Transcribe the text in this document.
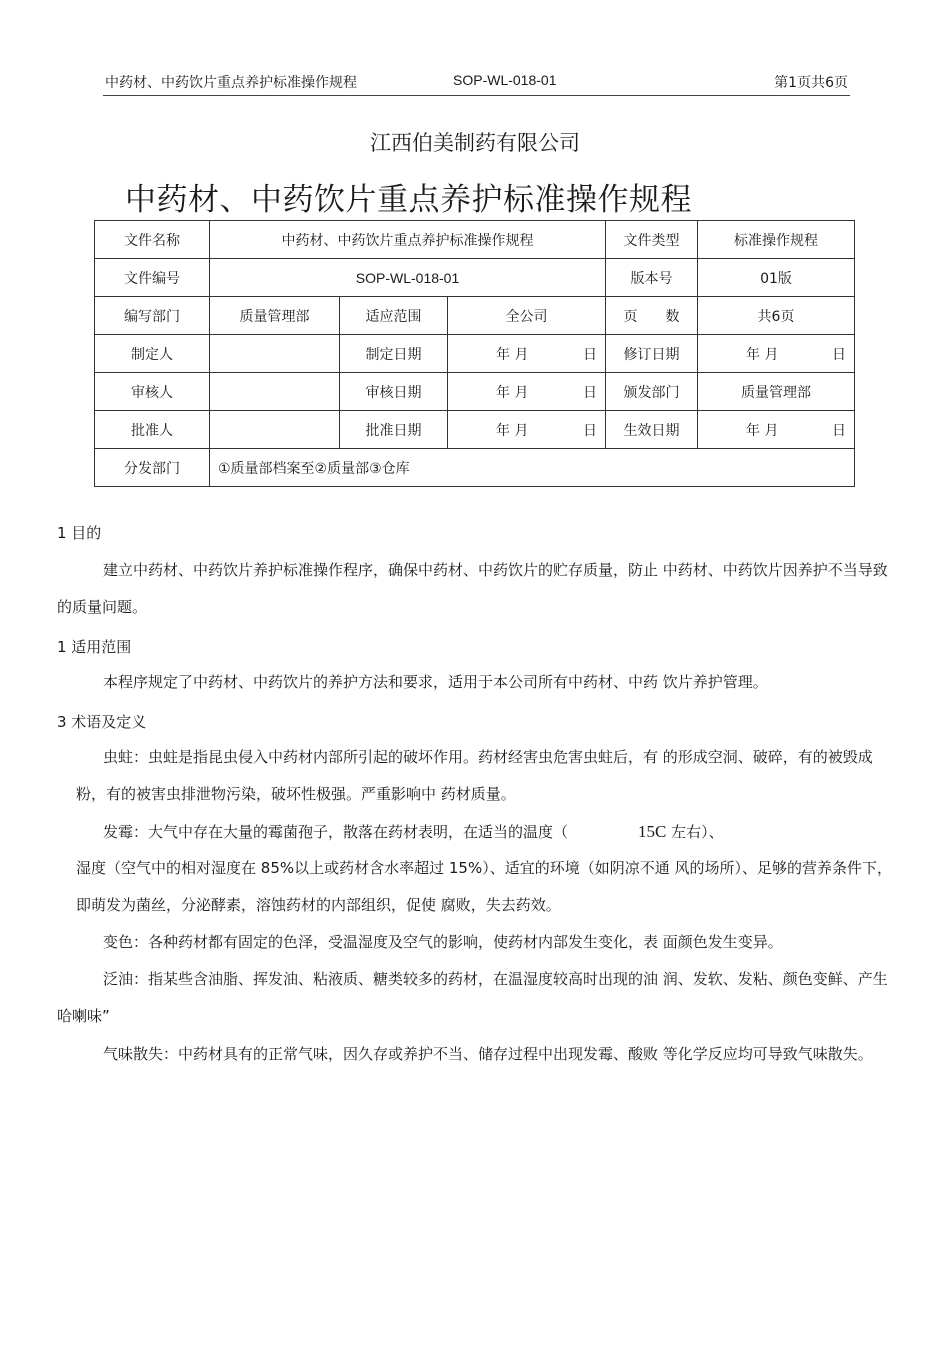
中药材、中药饮片重点养护标准操作规程	SOP-WL-018-01	第1页共6页
江西伯美制药有限公司
中药材、中药饮片重点养护标准操作规程
文件名称	中药材、中药饮片重点养护标准操作规程			文件类型	标准操作规程
文件编号	SOP-WL-018-01			版本号	01版
编写部门	质量管理部	适应范围	全公司	页　　数	共6页
制定人		制定日期	年 月 日	修订日期	年 月 日

审核人		审核日期	年 月 日	颁发部门	质量管理部
批准人		批准日期	年 月 日	生效日期	年 月 日

分发部门	①质量部档案至②质量部③仓库				
1 目的
建立中药材、中药饮片养护标准操作程序，确保中药材、中药饮片的贮存质量，防止 中药材、中药饮片因养护不当导致的质量问题。
1 适用范围
本程序规定了中药材、中药饮片的养护方法和要求，适用于本公司所有中药材、中药 饮片养护管理。
3 术语及定义
虫蛀：虫蛀是指昆虫侵入中药材内部所引起的破坏作用。药材经害虫危害虫蛀后，有 的形成空洞、破碎，有的被毁成粉，有的被害虫排泄物污染，破坏性极强。严重影响中 药材质量。
发霉：大气中存在大量的霉菌孢子，散落在药材表明，在适当的温度（	15C 左右）、
湿度（空气中的相对湿度在 85%以上或药材含水率超过 15%）、适宜的环境（如阴凉不通 风的场所）、足够的营养条件下，即萌发为菌丝，分泌酵素，溶蚀药材的内部组织，促使 腐败，失去药效。
变色：各种药材都有固定的色泽，受温湿度及空气的影响，使药材内部发生变化，表 面颜色发生变异。
泛油：指某些含油脂、挥发油、粘液质、糖类较多的药材，在温湿度较高时出现的油 润、发软、发粘、颜色变鲜、产生 哈喇味”
气味散失：中药材具有的正常气味，因久存或养护不当、储存过程中出现发霉、酸败 等化学反应均可导致气味散失。
